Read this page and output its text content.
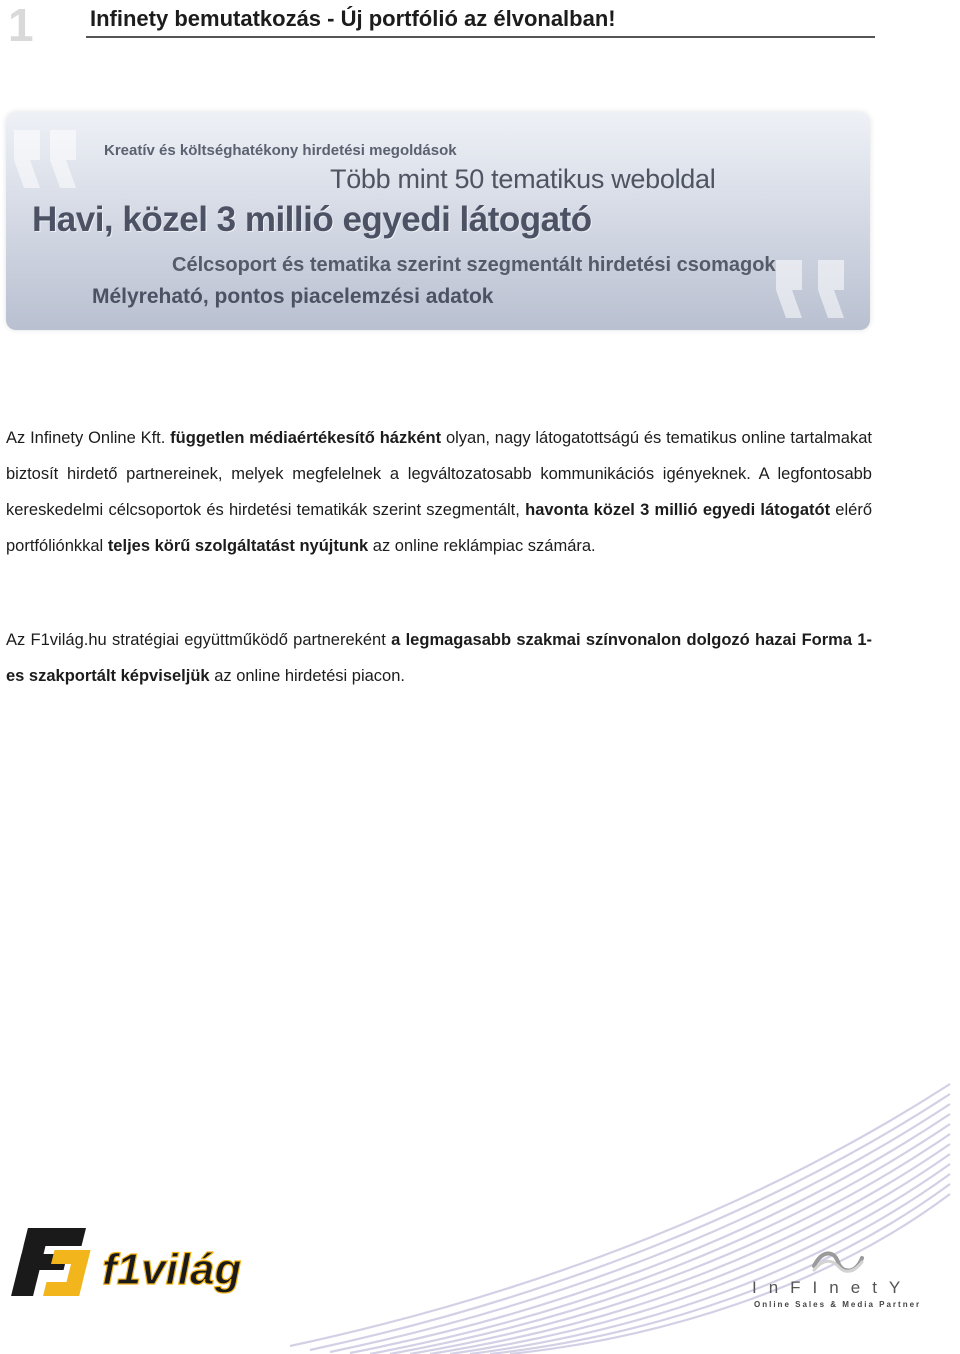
1	Infinety bemutatkozás - Új portfólió az élvonalban!
Kreatív és költséghatékony hirdetési megoldások
Több mint 50 tematikus weboldal
Havi, közel 3 millió egyedi látogató
Célcsoport és tematika szerint szegmentált hirdetési csomagok
Mélyreható, pontos piacelemzési adatok

Az Infinety Online Kft. független médiaértékesítő házként olyan, nagy látogatottságú és tematikus online tartalmakat biztosít hirdető partnereinek, melyek megfelelnek a legváltozatosabb kommunikációs igényeknek. A legfontosabb kereskedelmi célcsoportok és hirdetési tematikák szerint szegmentált, havonta közel 3 millió egyedi látogatót elérő portfóliónkkal teljes körű szolgáltatást nyújtunk az online reklámpiac számára.

Az F1világ.hu stratégiai együttműködő partnereként a legmagasabb szakmai színvonalon dolgozó hazai Forma 1-es szakportált képviseljük az online hirdetési piacon.

f1világ	InFInetY
Online Sales & Media Partner
